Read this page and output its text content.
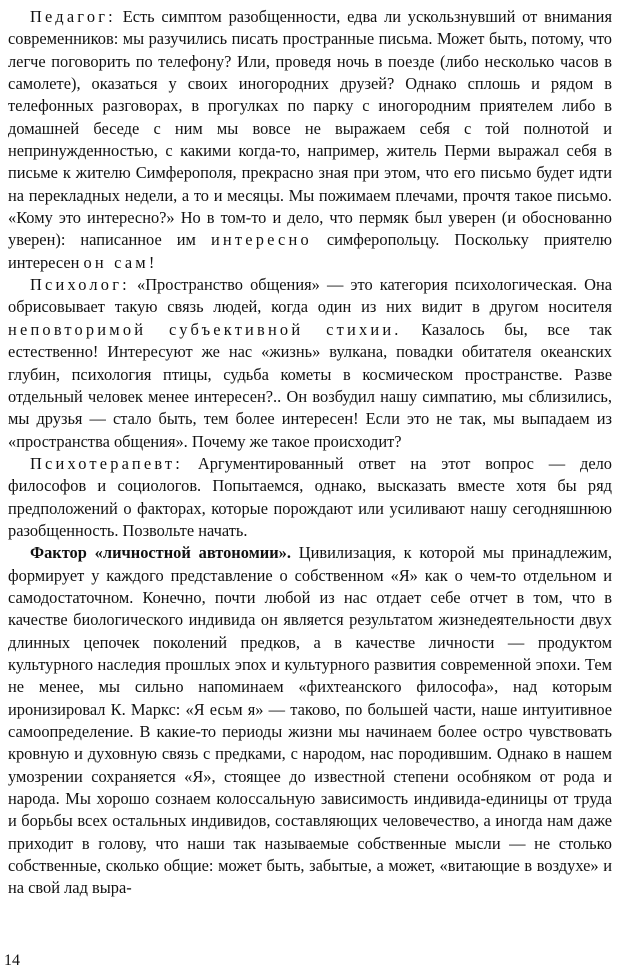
Педагог: Есть симптом разобщенности, едва ли ускользнувший от внимания современников: мы разучились писать пространные письма. Может быть, потому, что легче поговорить по телефону? Или, проведя ночь в поезде (либо несколько часов в самолете), оказаться у своих иногородних друзей? Однако сплошь и рядом в телефонных разговорах, в прогулках по парку с иногородним приятелем либо в домашней беседе с ним мы вовсе не выражаем себя с той полнотой и непринужденностью, с какими когда-то, например, житель Перми выражал себя в письме к жителю Симферополя, прекрасно зная при этом, что его письмо будет идти на перекладных недели, а то и месяцы. Мы пожимаем плечами, прочтя такое письмо. «Кому это интересно?» Но в том-то и дело, что пермяк был уверен (и обоснованно уверен): написанное им интересно симферопольцу. Поскольку приятелю интересен он сам!

Психолог: «Пространство общения» — это категория психологическая. Она обрисовывает такую связь людей, когда один из них видит в другом носителя неповторимой субъективной стихии. Казалось бы, все так естественно! Интересуют же нас «жизнь» вулкана, повадки обитателя океанских глубин, психология птицы, судьба кометы в космическом пространстве. Разве отдельный человек менее интересен?.. Он возбудил нашу симпатию, мы сблизились, мы друзья — стало быть, тем более интересен! Если это не так, мы выпадаем из «пространства общения». Почему же такое происходит?

Психотерапевт: Аргументированный ответ на этот вопрос — дело философов и социологов. Попытаемся, однако, высказать вместе хотя бы ряд предположений о факторах, которые порождают или усиливают нашу сегодняшнюю разобщенность. Позвольте начать.

Фактор «личностной автономии». Цивилизация, к которой мы принадлежим, формирует у каждого представление о собственном «Я» как о чем-то отдельном и самодостаточном. Конечно, почти любой из нас отдает себе отчет в том, что в качестве биологического индивида он является результатом жизнедеятельности двух длинных цепочек поколений предков, а в качестве личности — продуктом культурного наследия прошлых эпох и культурного развития современной эпохи. Тем не менее, мы сильно напоминаем «фихтеанского философа», над которым иронизировал К. Маркс: «Я есьм я» — таково, по большей части, наше интуитивное самоопределение. В какие-то периоды жизни мы начинаем более остро чувствовать кровную и духовную связь с предками, с народом, нас породившим. Однако в нашем умозрении сохраняется «Я», стоящее до известной степени особняком от рода и народа. Мы хорошо сознаем колоссальную зависимость индивида-единицы от труда и борьбы всех остальных индивидов, составляющих человечество, а иногда нам даже приходит в голову, что наши так называемые собственные мысли — не столько собственные, сколько общие: может быть, забытые, а может, «витающие в воздухе» и на свой лад выра-

14
